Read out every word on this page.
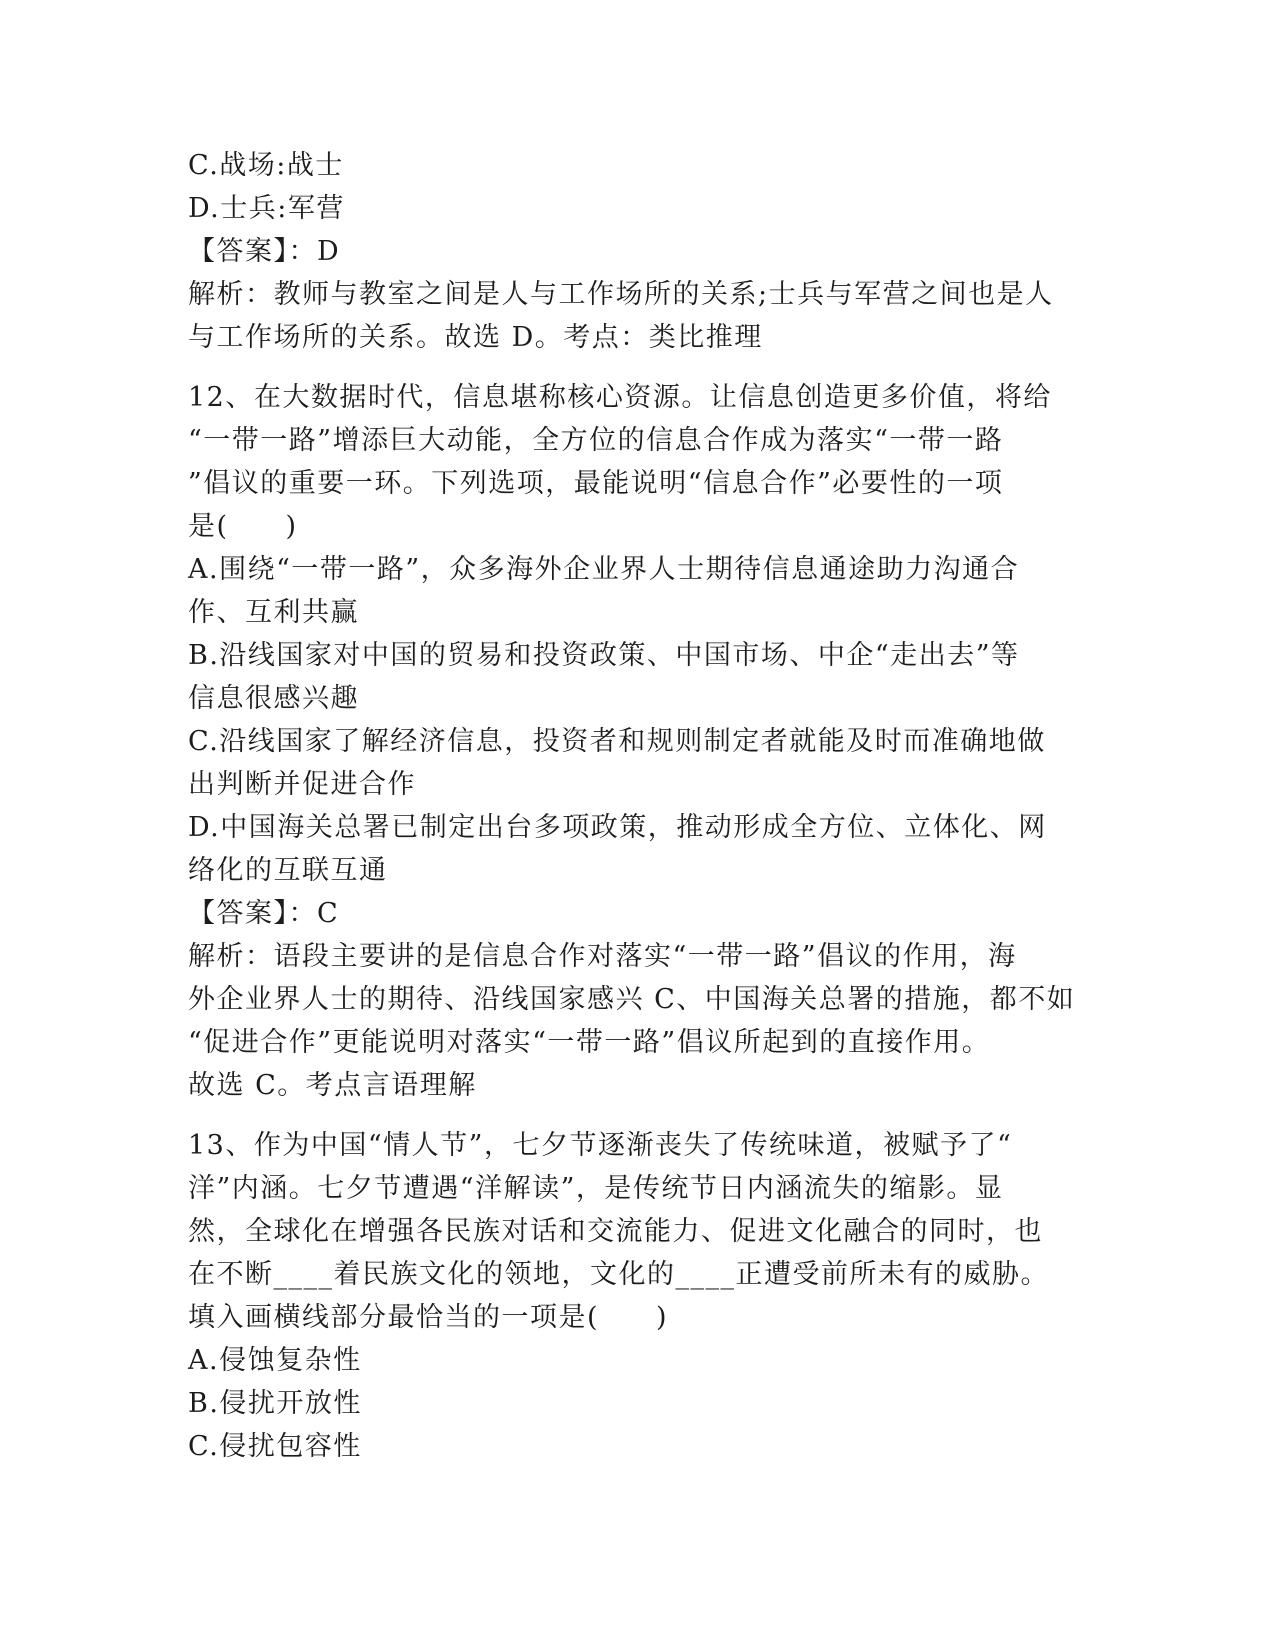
C.战场:战士
D.士兵:军营
【答案】：D
解析：教师与教室之间是人与工作场所的关系;士兵与军营之间也是人
与工作场所的关系。故选 D。考点：类比推理
12、在大数据时代，信息堪称核心资源。让信息创造更多价值，将给
“一带一路”增添巨大动能，全方位的信息合作成为落实“一带一路
”倡议的重要一环。下列选项，最能说明“信息合作”必要性的一项
是(　　)
A.围绕“一带一路”，众多海外企业界人士期待信息通途助力沟通合
作、互利共赢
B.沿线国家对中国的贸易和投资政策、中国市场、中企“走出去”等
信息很感兴趣
C.沿线国家了解经济信息，投资者和规则制定者就能及时而准确地做
出判断并促进合作
D.中国海关总署已制定出台多项政策，推动形成全方位、立体化、网
络化的互联互通
【答案】：C
解析：语段主要讲的是信息合作对落实“一带一路”倡议的作用，海
外企业界人士的期待、沿线国家感兴 C、中国海关总署的措施，都不如
“促进合作”更能说明对落实“一带一路”倡议所起到的直接作用。
故选 C。考点言语理解
13、作为中国“情人节”，七夕节逐渐丧失了传统味道，被赋予了“
洋”内涵。七夕节遭遇“洋解读”，是传统节日内涵流失的缩影。显
然，全球化在增强各民族对话和交流能力、促进文化融合的同时，也
在不断____着民族文化的领地，文化的____正遭受前所未有的威胁。
填入画横线部分最恰当的一项是(　　)
A.侵蚀复杂性
B.侵扰开放性
C.侵扰包容性
